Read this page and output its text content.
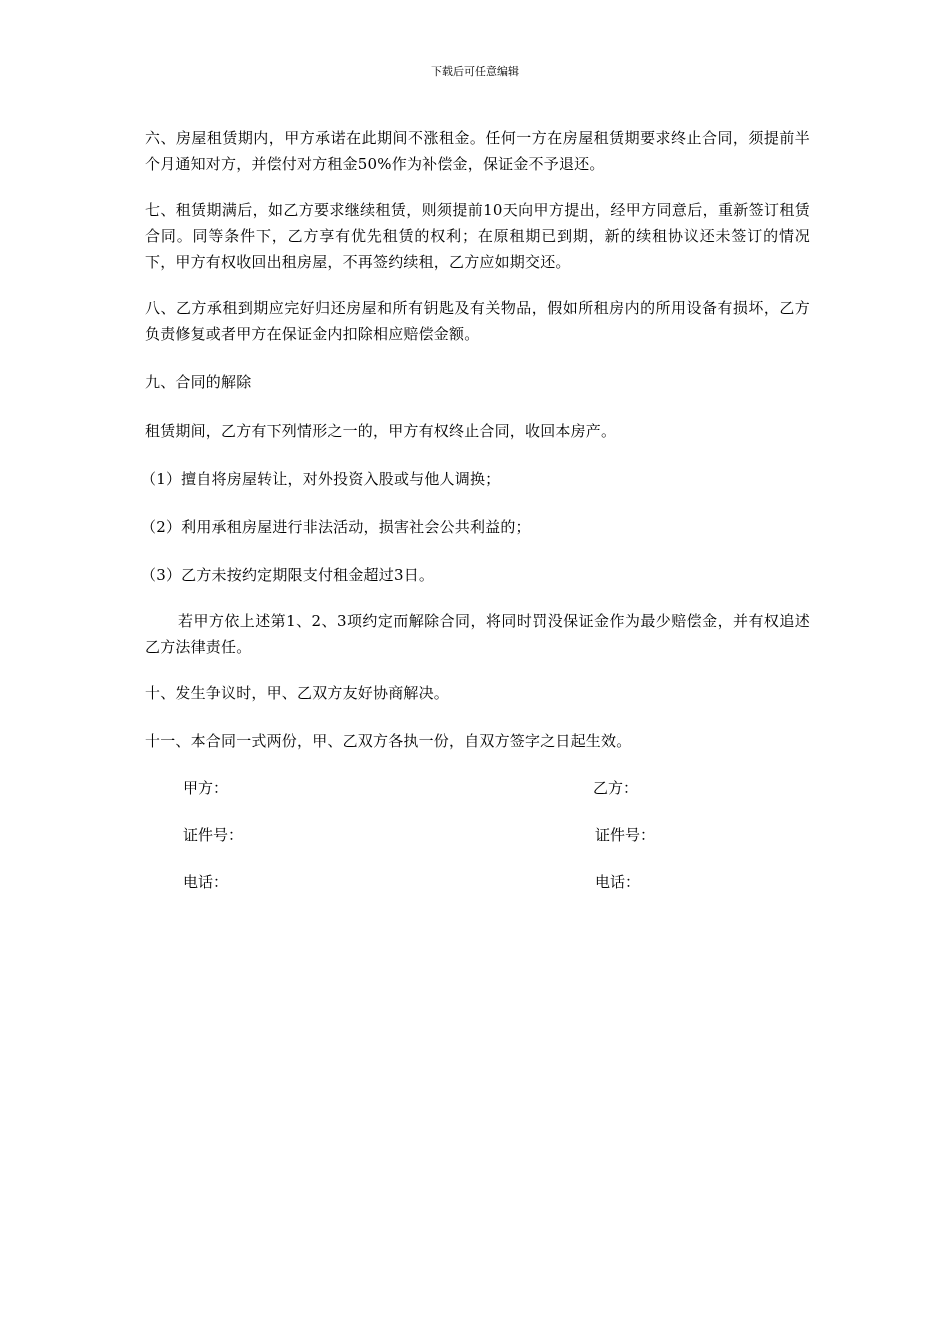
下载后可任意编辑

六、房屋租赁期内，甲方承诺在此期间不涨租金。任何一方在房屋租赁期要求终止合同，须提前半个月通知对方，并偿付对方租金50%作为补偿金，保证金不予退还。

七、租赁期满后，如乙方要求继续租赁，则须提前10天向甲方提出，经甲方同意后，重新签订租赁合同。同等条件下，乙方享有优先租赁的权利；在原租期已到期，新的续租协议还未签订的情况下，甲方有权收回出租房屋，不再签约续租，乙方应如期交还。

八、乙方承租到期应完好归还房屋和所有钥匙及有关物品，假如所租房内的所用设备有损坏，乙方负责修复或者甲方在保证金内扣除相应赔偿金额。

九、合同的解除

租赁期间，乙方有下列情形之一的，甲方有权终止合同，收回本房产。

（1）擅自将房屋转让，对外投资入股或与他人调换；

（2）利用承租房屋进行非法活动，损害社会公共利益的；

（3）乙方未按约定期限支付租金超过3日。

若甲方依上述第1、2、3项约定而解除合同，将同时罚没保证金作为最少赔偿金，并有权追述乙方法律责任。

十、发生争议时，甲、乙双方友好协商解决。

十一、本合同一式两份，甲、乙双方各执一份，自双方签字之日起生效。

甲方：	乙方：

证件号：	证件号：

电话：	电话：
